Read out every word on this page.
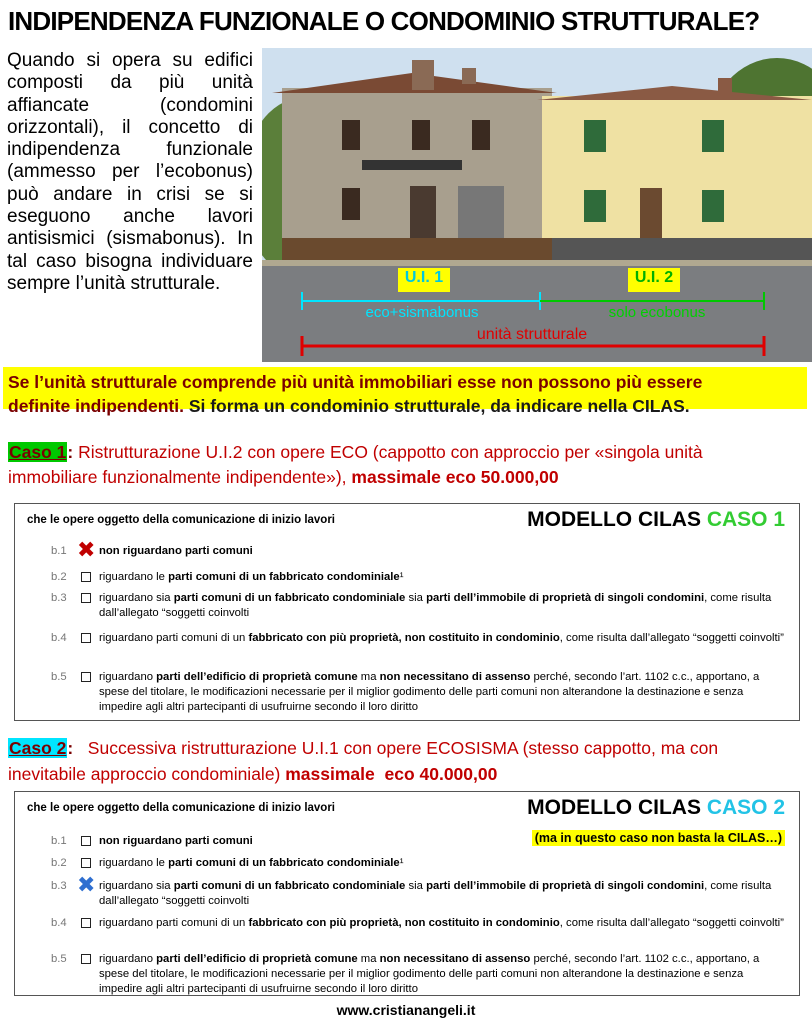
INDIPENDENZA FUNZIONALE O CONDOMINIO STRUTTURALE?
Quando si opera su edifici composti da più unità affiancate (condomini orizzontali), il concetto di indipendenza funzionale (ammesso per l’ecobonus) può andare in crisi se si eseguono anche lavori antisismici (sismabonus). In tal caso bisogna individuare sempre l’unità strutturale.	U.I. 1	U.I. 2
eco+sismabonus	solo ecobonus
unità strutturale
Se l’unità strutturale comprende più unità immobiliari esse non possono più essere
definite indipendenti. Si forma un condominio strutturale, da indicare nella CILAS.
Caso 1: Ristrutturazione U.I.2 con opere ECO (cappotto con approccio per «singola unità
immobiliare funzionalmente indipendente»), massimale eco 50.000,00
che le opere oggetto della comunicazione di inizio lavori	MODELLO CILAS CASO 1
b.1 ✖ non riguardano parti comuni
b.2	riguardano le parti comuni di un fabbricato condominiale¹
b.3	riguardano sia parti comuni di un fabbricato condominiale sia parti dell’immobile di proprietà di singoli condomini, come risulta dall’allegato “soggetti coinvolti
b.4	riguardano parti comuni di un fabbricato con più proprietà, non costituito in condominio, come risulta dall’allegato “soggetti coinvolti”
b.5	riguardano parti dell’edificio di proprietà comune ma non necessitano di assenso perché, secondo l’art. 1102 c.c., apportano, a spese del titolare, le modificazioni necessarie per il miglior godimento delle parti comuni non alterandone la destinazione e senza impedire agli altri partecipanti di usufruirne secondo il loro diritto
Caso 2:   Successiva ristrutturazione U.I.1 con opere ECOSISMA (stesso cappotto, ma con
inevitabile approccio condominiale) massimale  eco 40.000,00
che le opere oggetto della comunicazione di inizio lavori	MODELLO CILAS CASO 2
(ma in questo caso non basta la CILAS…)
b.1	non riguardano parti comuni
b.2	riguardano le parti comuni di un fabbricato condominiale¹
b.3 ✖ riguardano sia parti comuni di un fabbricato condominiale sia parti dell’immobile di proprietà di singoli condomini, come risulta dall’allegato “soggetti coinvolti
b.4	riguardano parti comuni di un fabbricato con più proprietà, non costituito in condominio, come risulta dall’allegato “soggetti coinvolti”
b.5	riguardano parti dell’edificio di proprietà comune ma non necessitano di assenso perché, secondo l’art. 1102 c.c., apportano, a spese del titolare, le modificazioni necessarie per il miglior godimento delle parti comuni non alterandone la destinazione e senza impedire agli altri partecipanti di usufruirne secondo il loro diritto
www.cristianangeli.it
